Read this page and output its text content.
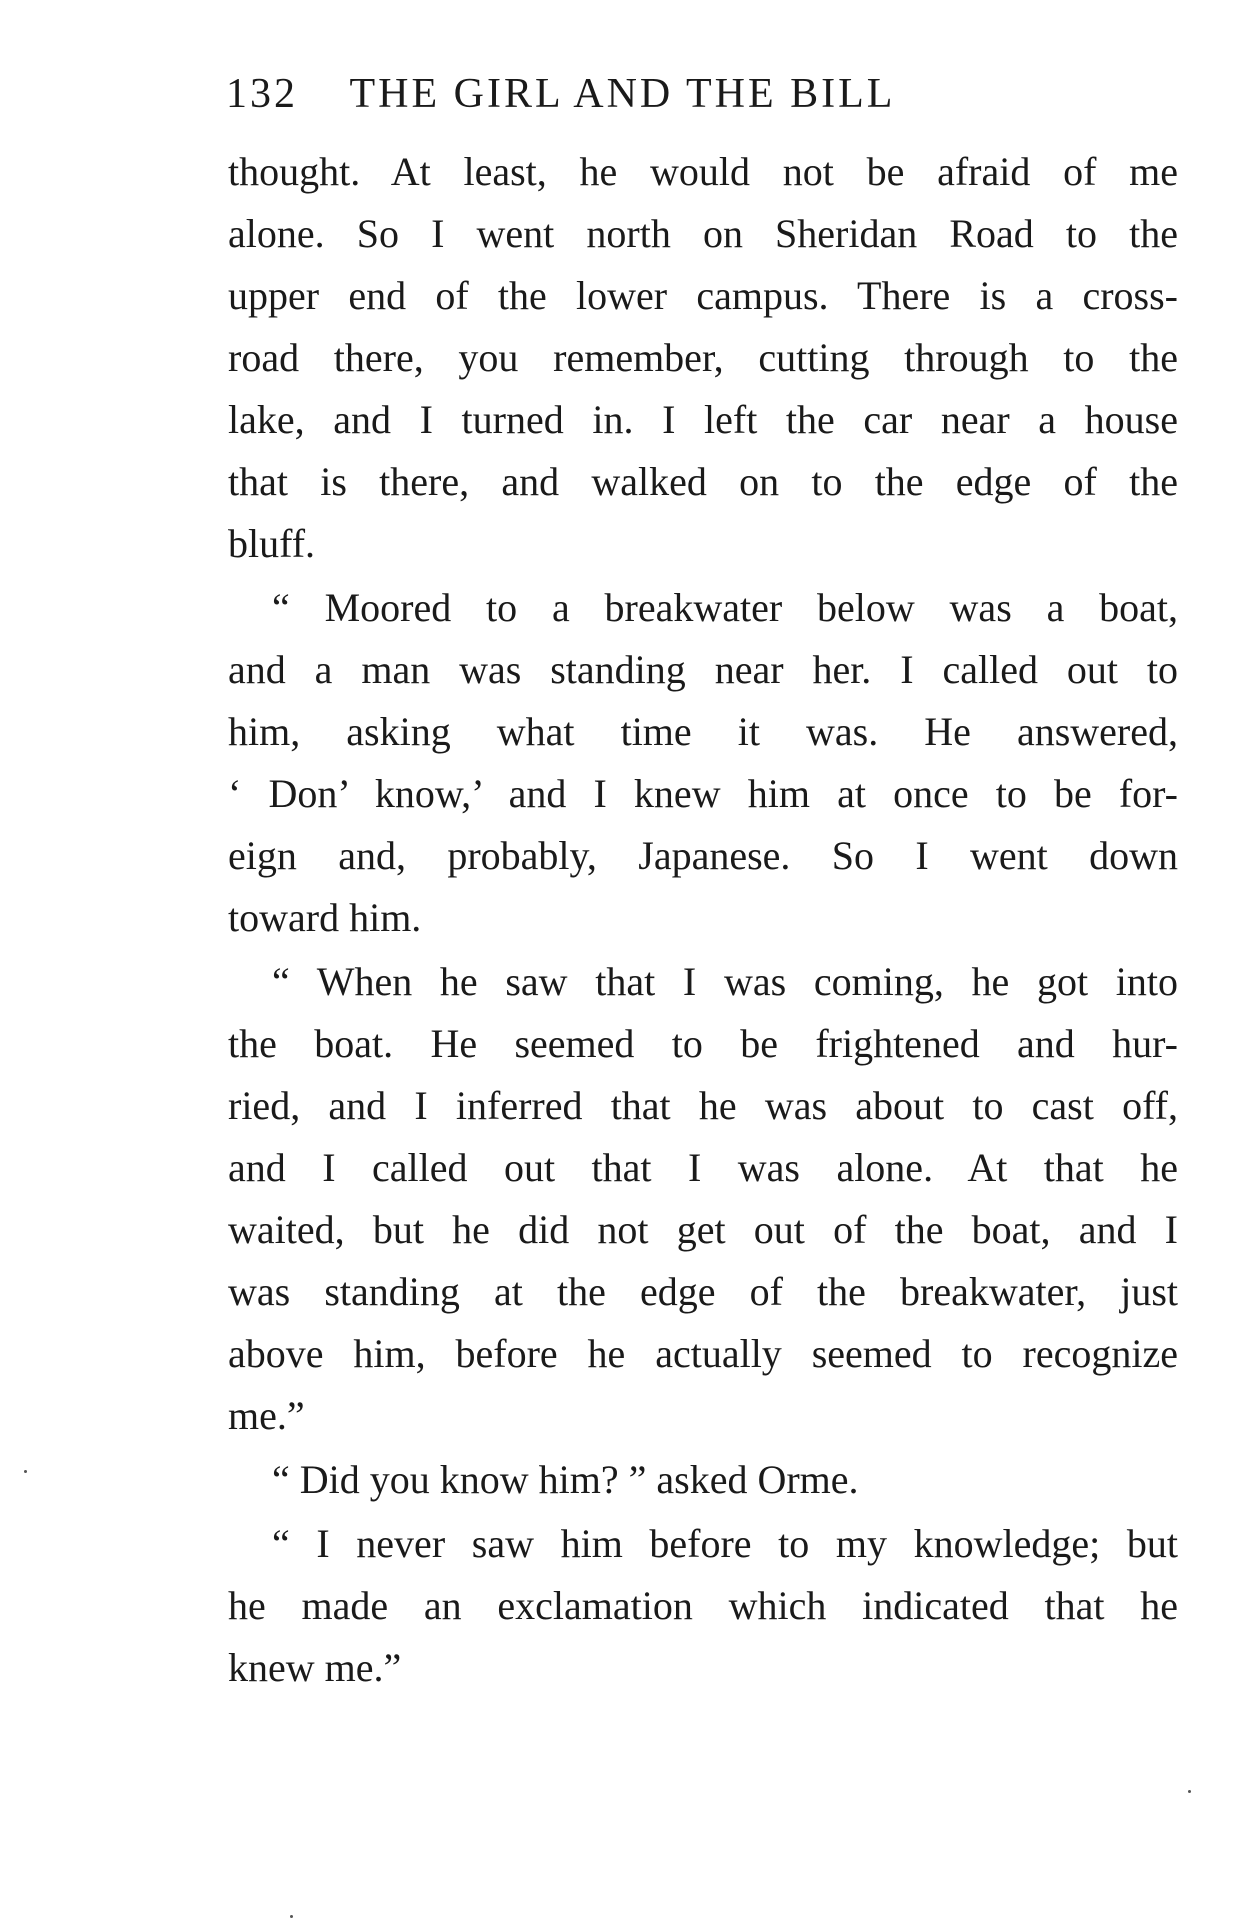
132 THE GIRL AND THE BILL
thought. At least, he would not be afraid of me
alone. So I went north on Sheridan Road to the
upper end of the lower campus. There is a cross-
road there, you remember, cutting through to the
lake, and I turned in. I left the car near a house
that is there, and walked on to the edge of the
bluff.
“ Moored to a breakwater below was a boat,
and a man was standing near her. I called out to
him, asking what time it was. He answered,
‘ Don’ know,’ and I knew him at once to be for-
eign and, probably, Japanese. So I went down
toward him.
“ When he saw that I was coming, he got into
the boat. He seemed to be frightened and hur-
ried, and I inferred that he was about to cast off,
and I called out that I was alone. At that he
waited, but he did not get out of the boat, and I
was standing at the edge of the breakwater, just
above him, before he actually seemed to recognize
me.”
“ Did you know him? ” asked Orme.
“ I never saw him before to my knowledge; but
he made an exclamation which indicated that he
knew me.”
